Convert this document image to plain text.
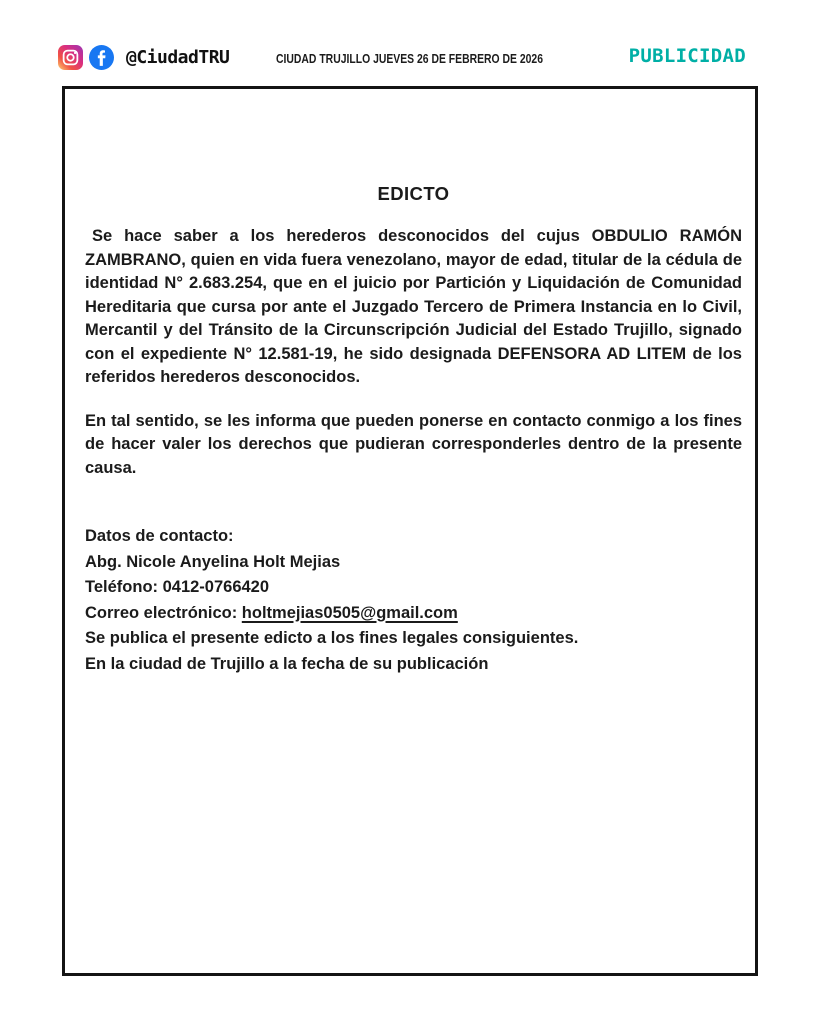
@CiudadTRU	CIUDAD TRUJILLO JUEVES 26 DE FEBRERO DE 2026	PUBLICIDAD
EDICTO

Se hace saber a los herederos desconocidos del cujus OBDULIO RAMÓN ZAMBRANO, quien en vida fuera venezolano, mayor de edad, titular de la cédula de identidad N° 2.683.254, que en el juicio por Partición y Liquidación de Comunidad Hereditaria que cursa por ante el Juzgado Tercero de Primera Instancia en lo Civil, Mercantil y del Tránsito de la Circunscripción Judicial del Estado Trujillo, signado con el expediente N° 12.581-19, he sido designada DEFENSORA AD LITEM de los referidos herederos desconocidos.

En tal sentido, se les informa que pueden ponerse en contacto conmigo a los fines de hacer valer los derechos que pudieran corresponderles dentro de la presente causa.

Datos de contacto:
Abg. Nicole Anyelina Holt Mejias
Teléfono: 0412-0766420
Correo electrónico: holtmejias0505@gmail.com
Se publica el presente edicto a los fines legales consiguientes.
En la ciudad de Trujillo a la fecha de su publicación
